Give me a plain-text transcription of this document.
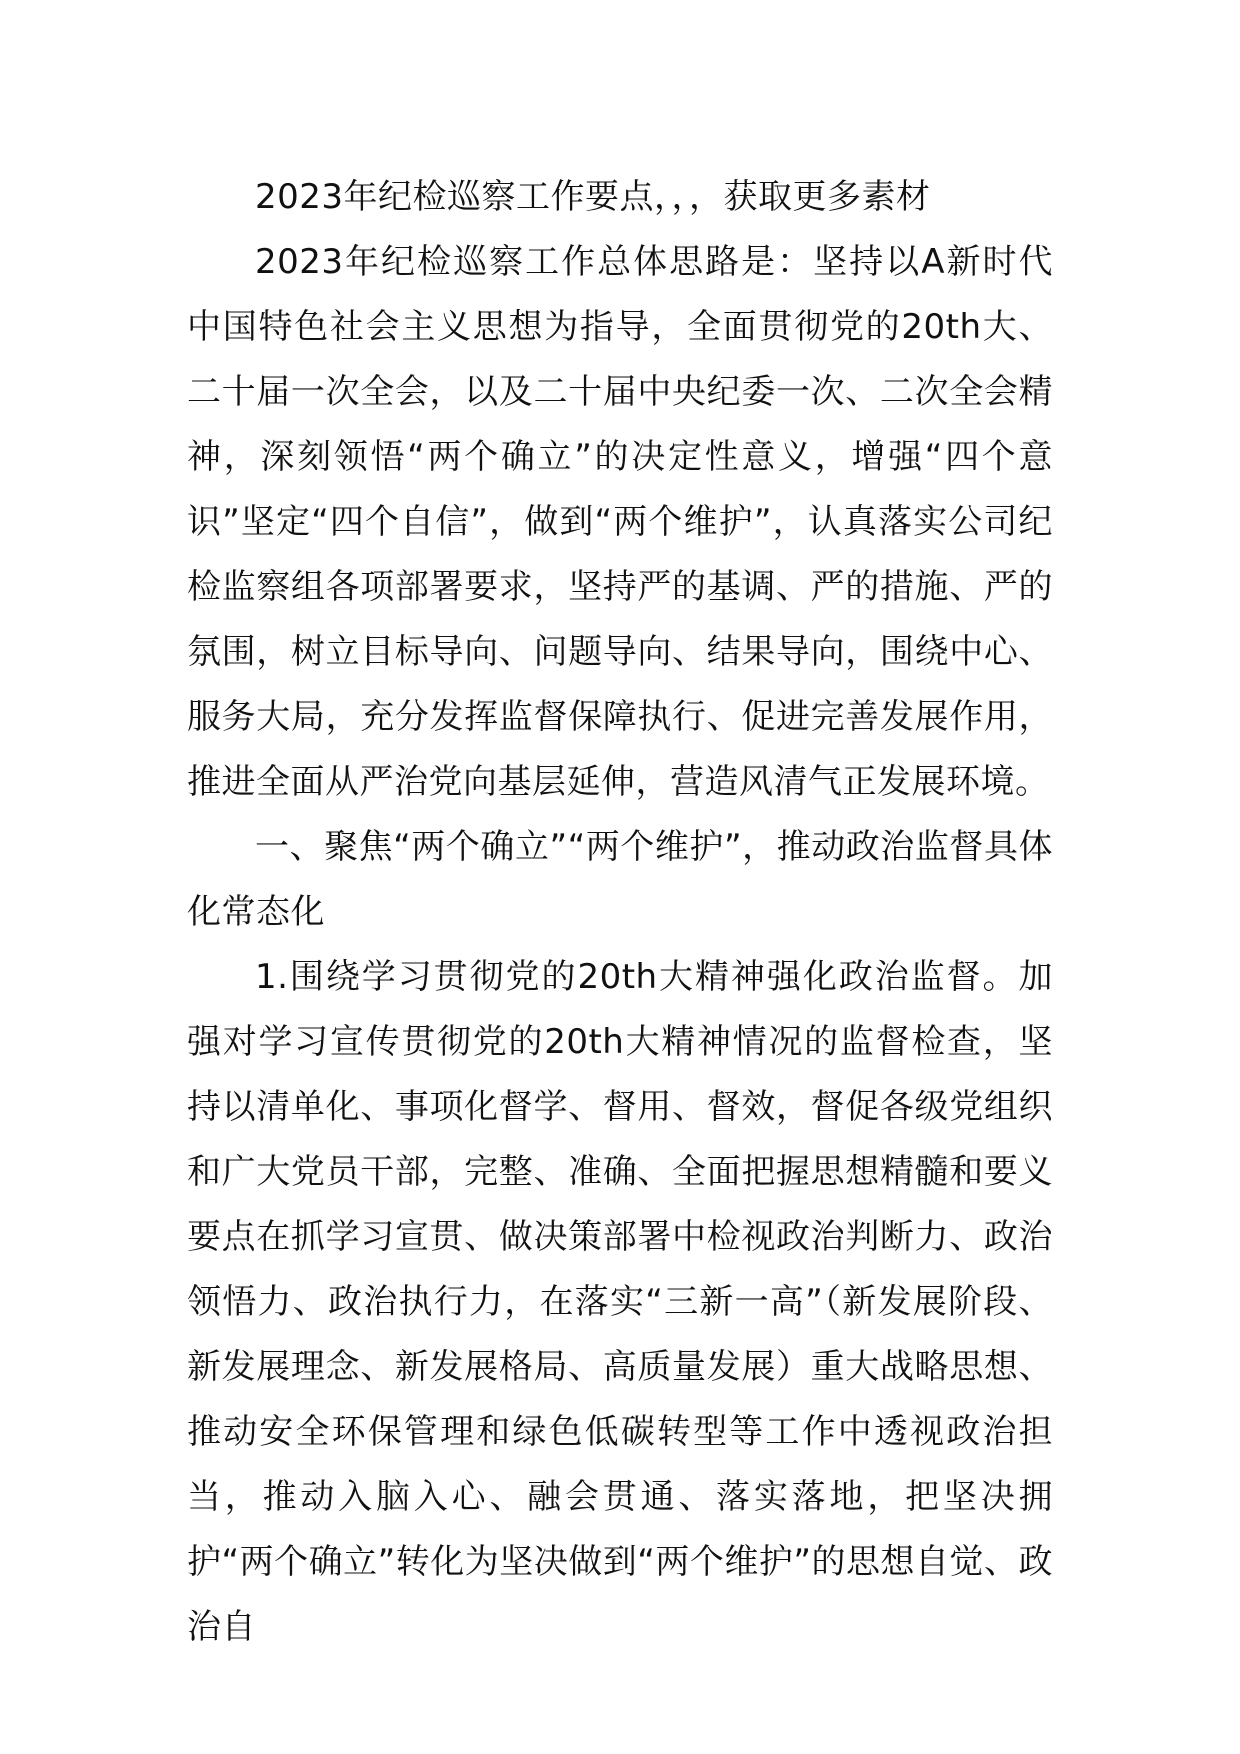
2023年纪检巡察工作要点，，，获取更多素材

2023年纪检巡察工作总体思路是：坚持以A新时代中国特色社会主义思想为指导，全面贯彻党的20th大、二十届一次全会，以及二十届中央纪委一次、二次全会精神，深刻领悟“两个确立”的决定性意义，增强“四个意识”坚定“四个自信”，做到“两个维护”，认真落实公司纪检监察组各项部署要求，坚持严的基调、严的措施、严的氛围，树立目标导向、问题导向、结果导向，围绕中心、服务大局，充分发挥监督保障执行、促进完善发展作用，推进全面从严治党向基层延伸，营造风清气正发展环境。

一、聚焦“两个确立”“两个维护”，推动政治监督具体化常态化

1.围绕学习贯彻党的20th大精神强化政治监督。加强对学习宣传贯彻党的20th大精神情况的监督检查，坚持以清单化、事项化督学、督用、督效，督促各级党组织和广大党员干部，完整、准确、全面把握思想精髓和要义要点在抓学习宣贯、做决策部署中检视政治判断力、政治领悟力、政治执行力，在落实“三新一高”（新发展阶段、新发展理念、新发展格局、高质量发展）重大战略思想、推动安全环保管理和绿色低碳转型等工作中透视政治担当，推动入脑入心、融会贯通、落实落地，把坚决拥护“两个确立”转化为坚决做到“两个维护”的思想自觉、政治自
